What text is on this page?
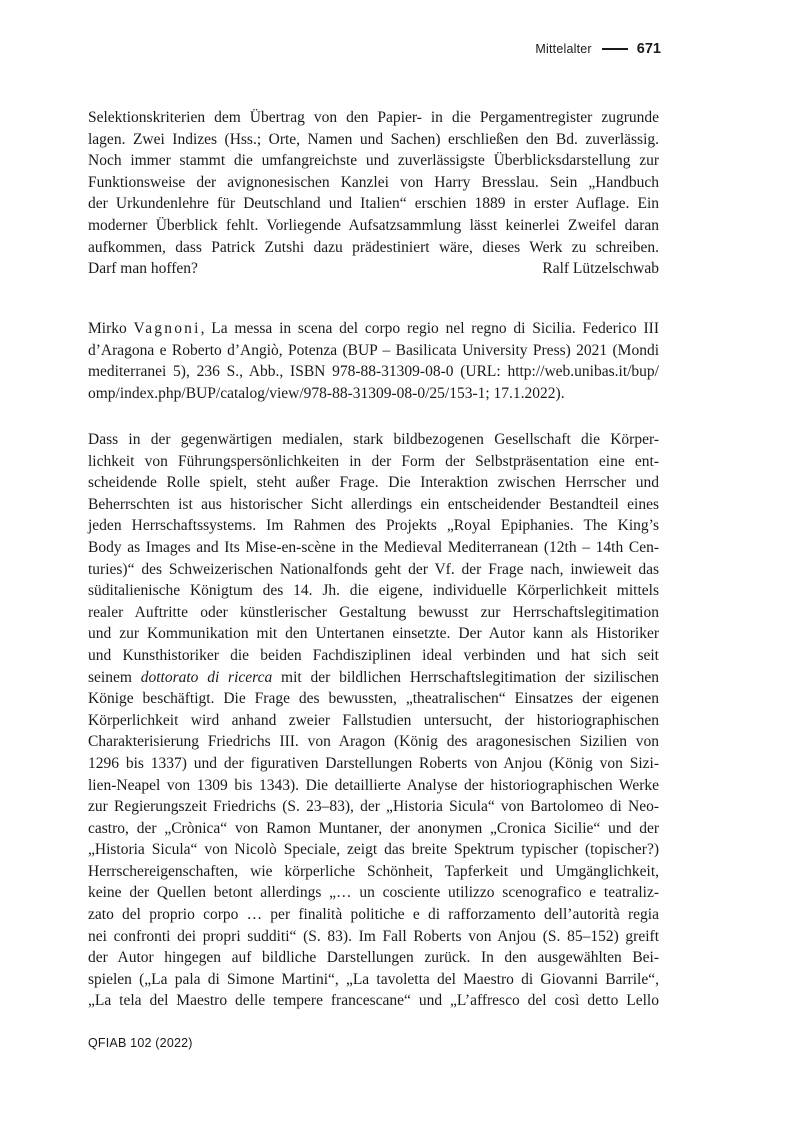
Mittelalter	671
Selektionskriterien dem Übertrag von den Papier- in die Pergamentregister zugrunde
lagen. Zwei Indizes (Hss.; Orte, Namen und Sachen) erschließen den Bd. zuverlässig.
Noch immer stammt die umfangreichste und zuverlässigste Überblicksdarstellung zur
Funktionsweise der avignonesischen Kanzlei von Harry Bresslau. Sein „Handbuch
der Urkundenlehre für Deutschland und Italien“ erschien 1889 in erster Auflage. Ein
moderner Überblick fehlt. Vorliegende Aufsatzsammlung lässt keinerlei Zweifel daran
aufkommen, dass Patrick Zutshi dazu prädestiniert wäre, dieses Werk zu schreiben.
Darf man hoffen?	Ralf Lützelschwab
Mirko Vagnoni, La messa in scena del corpo regio nel regno di Sicilia. Federico III
d’Aragona e Roberto d’Angiò, Potenza (BUP – Basilicata University Press) 2021 (Mondi
mediterranei 5), 236 S., Abb., ISBN 978-88-31309-08-0 (URL: http://web.unibas.it/bup/
omp/index.php/BUP/catalog/view/978-88-31309-08-0/25/153-1; 17.1.2022).
Dass in der gegenwärtigen medialen, stark bildbezogenen Gesellschaft die Körper-
lichkeit von Führungspersönlichkeiten in der Form der Selbstpräsentation eine ent-
scheidende Rolle spielt, steht außer Frage. Die Interaktion zwischen Herrscher und
Beherrschten ist aus historischer Sicht allerdings ein entscheidender Bestandteil eines
jeden Herrschaftssystems. Im Rahmen des Projekts „Royal Epiphanies. The King’s
Body as Images and Its Mise-en-scène in the Medieval Mediterranean (12th – 14th Cen-
turies)“ des Schweizerischen Nationalfonds geht der Vf. der Frage nach, inwieweit das
süditalienische Königtum des 14. Jh. die eigene, individuelle Körperlichkeit mittels
realer Auftritte oder künstlerischer Gestaltung bewusst zur Herrschaftslegitimation
und zur Kommunikation mit den Untertanen einsetzte. Der Autor kann als Historiker
und Kunsthistoriker die beiden Fachdisziplinen ideal verbinden und hat sich seit
seinem dottorato di ricerca mit der bildlichen Herrschaftslegitimation der sizilischen
Könige beschäftigt. Die Frage des bewussten, „theatralischen“ Einsatzes der eigenen
Körperlichkeit wird anhand zweier Fallstudien untersucht, der historiographischen
Charakterisierung Friedrichs III. von Aragon (König des aragonesischen Sizilien von
1296 bis 1337) und der figurativen Darstellungen Roberts von Anjou (König von Sizi-
lien-Neapel von 1309 bis 1343). Die detaillierte Analyse der historiographischen Werke
zur Regierungszeit Friedrichs (S. 23–83), der „Historia Sicula“ von Bartolomeo di Neo-
castro, der „Crònica“ von Ramon Muntaner, der anonymen „Cronica Sicilie“ und der
„Historia Sicula“ von Nicolò Speciale, zeigt das breite Spektrum typischer (topischer?)
Herrschereigenschaften, wie körperliche Schönheit, Tapferkeit und Umgänglichkeit,
keine der Quellen betont allerdings „… un cosciente utilizzo scenografico e teatraliz-
zato del proprio corpo … per finalità politiche e di rafforzamento dell’autorità regia
nei confronti dei propri sudditi“ (S. 83). Im Fall Roberts von Anjou (S. 85–152) greift
der Autor hingegen auf bildliche Darstellungen zurück. In den ausgewählten Bei-
spielen („La pala di Simone Martini“, „La tavoletta del Maestro di Giovanni Barrile“,
„La tela del Maestro delle tempere francescane“ und „L’affresco del così detto Lello
QFIAB 102 (2022)
